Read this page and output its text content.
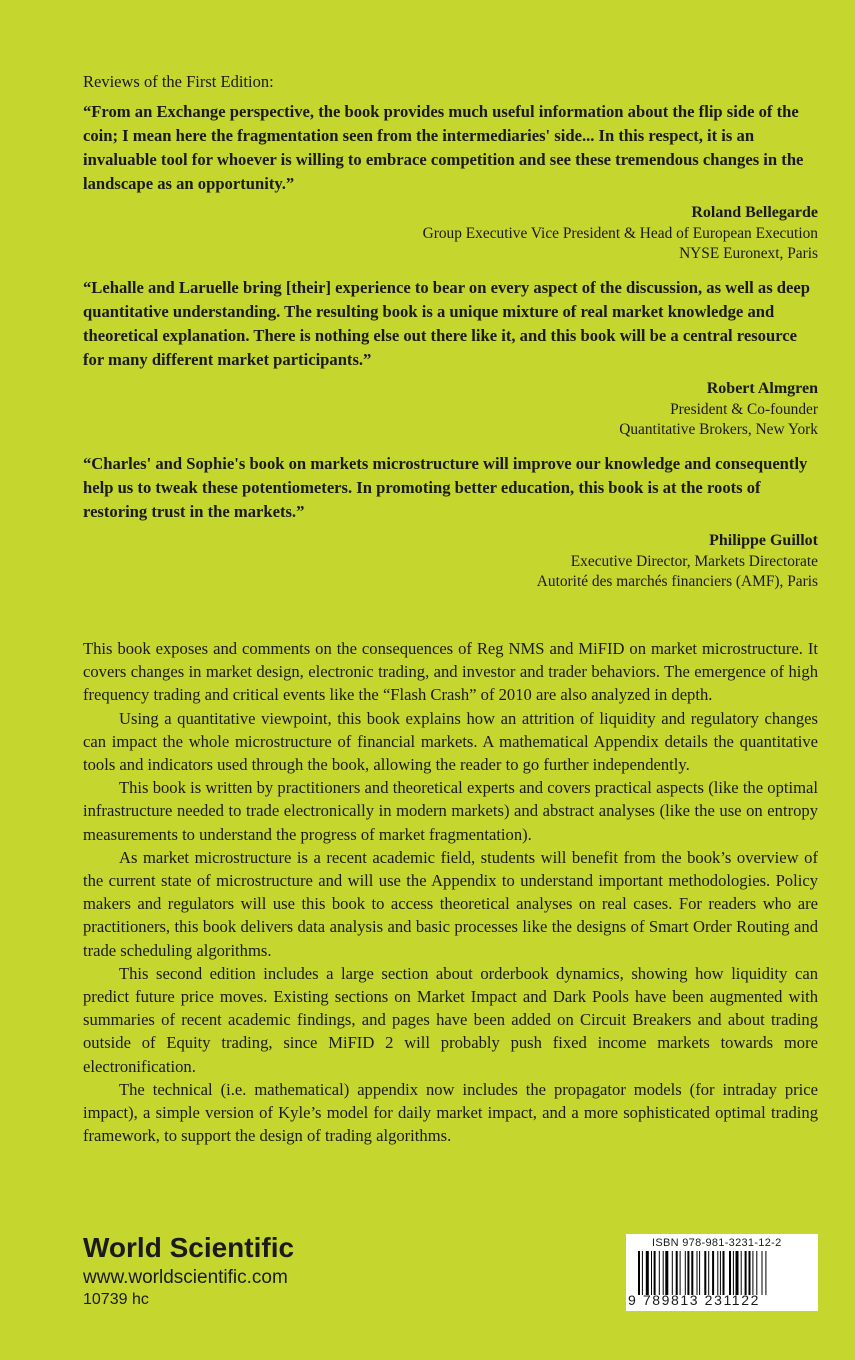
Reviews of the First Edition:

“From an Exchange perspective, the book provides much useful information about the flip side of the coin; I mean here the fragmentation seen from the intermediaries' side... In this respect, it is an invaluable tool for whoever is willing to embrace competition and see these tremendous changes in the landscape as an opportunity.”

Roland Bellegarde
Group Executive Vice President & Head of European Execution
NYSE Euronext, Paris

“Lehalle and Laruelle bring [their] experience to bear on every aspect of the discussion, as well as deep quantitative understanding. The resulting book is a unique mixture of real market knowledge and theoretical explanation. There is nothing else out there like it, and this book will be a central resource for many different market participants.”

Robert Almgren
President & Co-founder
Quantitative Brokers, New York

“Charles' and Sophie's book on markets microstructure will improve our knowledge and consequently help us to tweak these potentiometers. In promoting better education, this book is at the roots of restoring trust in the markets.”

Philippe Guillot
Executive Director, Markets Directorate
Autorité des marchés financiers (AMF), Paris

This book exposes and comments on the consequences of Reg NMS and MiFID on market microstructure. It covers changes in market design, electronic trading, and investor and trader behaviors. The emergence of high frequency trading and critical events like the “Flash Crash” of 2010 are also analyzed in depth.

Using a quantitative viewpoint, this book explains how an attrition of liquidity and regulatory changes can impact the whole microstructure of financial markets. A mathematical Appendix details the quantitative tools and indicators used through the book, allowing the reader to go further independently.

This book is written by practitioners and theoretical experts and covers practical aspects (like the optimal infrastructure needed to trade electronically in modern markets) and abstract analyses (like the use on entropy measurements to understand the progress of market fragmentation).

As market microstructure is a recent academic field, students will benefit from the book’s overview of the current state of microstructure and will use the Appendix to understand important methodologies. Policy makers and regulators will use this book to access theoretical analyses on real cases. For readers who are practitioners, this book delivers data analysis and basic processes like the designs of Smart Order Routing and trade scheduling algorithms.

This second edition includes a large section about orderbook dynamics, showing how liquidity can predict future price moves. Existing sections on Market Impact and Dark Pools have been augmented with summaries of recent academic findings, and pages have been added on Circuit Breakers and about trading outside of Equity trading, since MiFID 2 will probably push fixed income markets towards more electronification.

The technical (i.e. mathematical) appendix now includes the propagator models (for intraday price impact), a simple version of Kyle’s model for daily market impact, and a more sophisticated optimal trading framework, to support the design of trading algorithms.

World Scientific
www.worldscientific.com
10739 hc
ISBN 978-981-3231-12-2
9 789813 231122
